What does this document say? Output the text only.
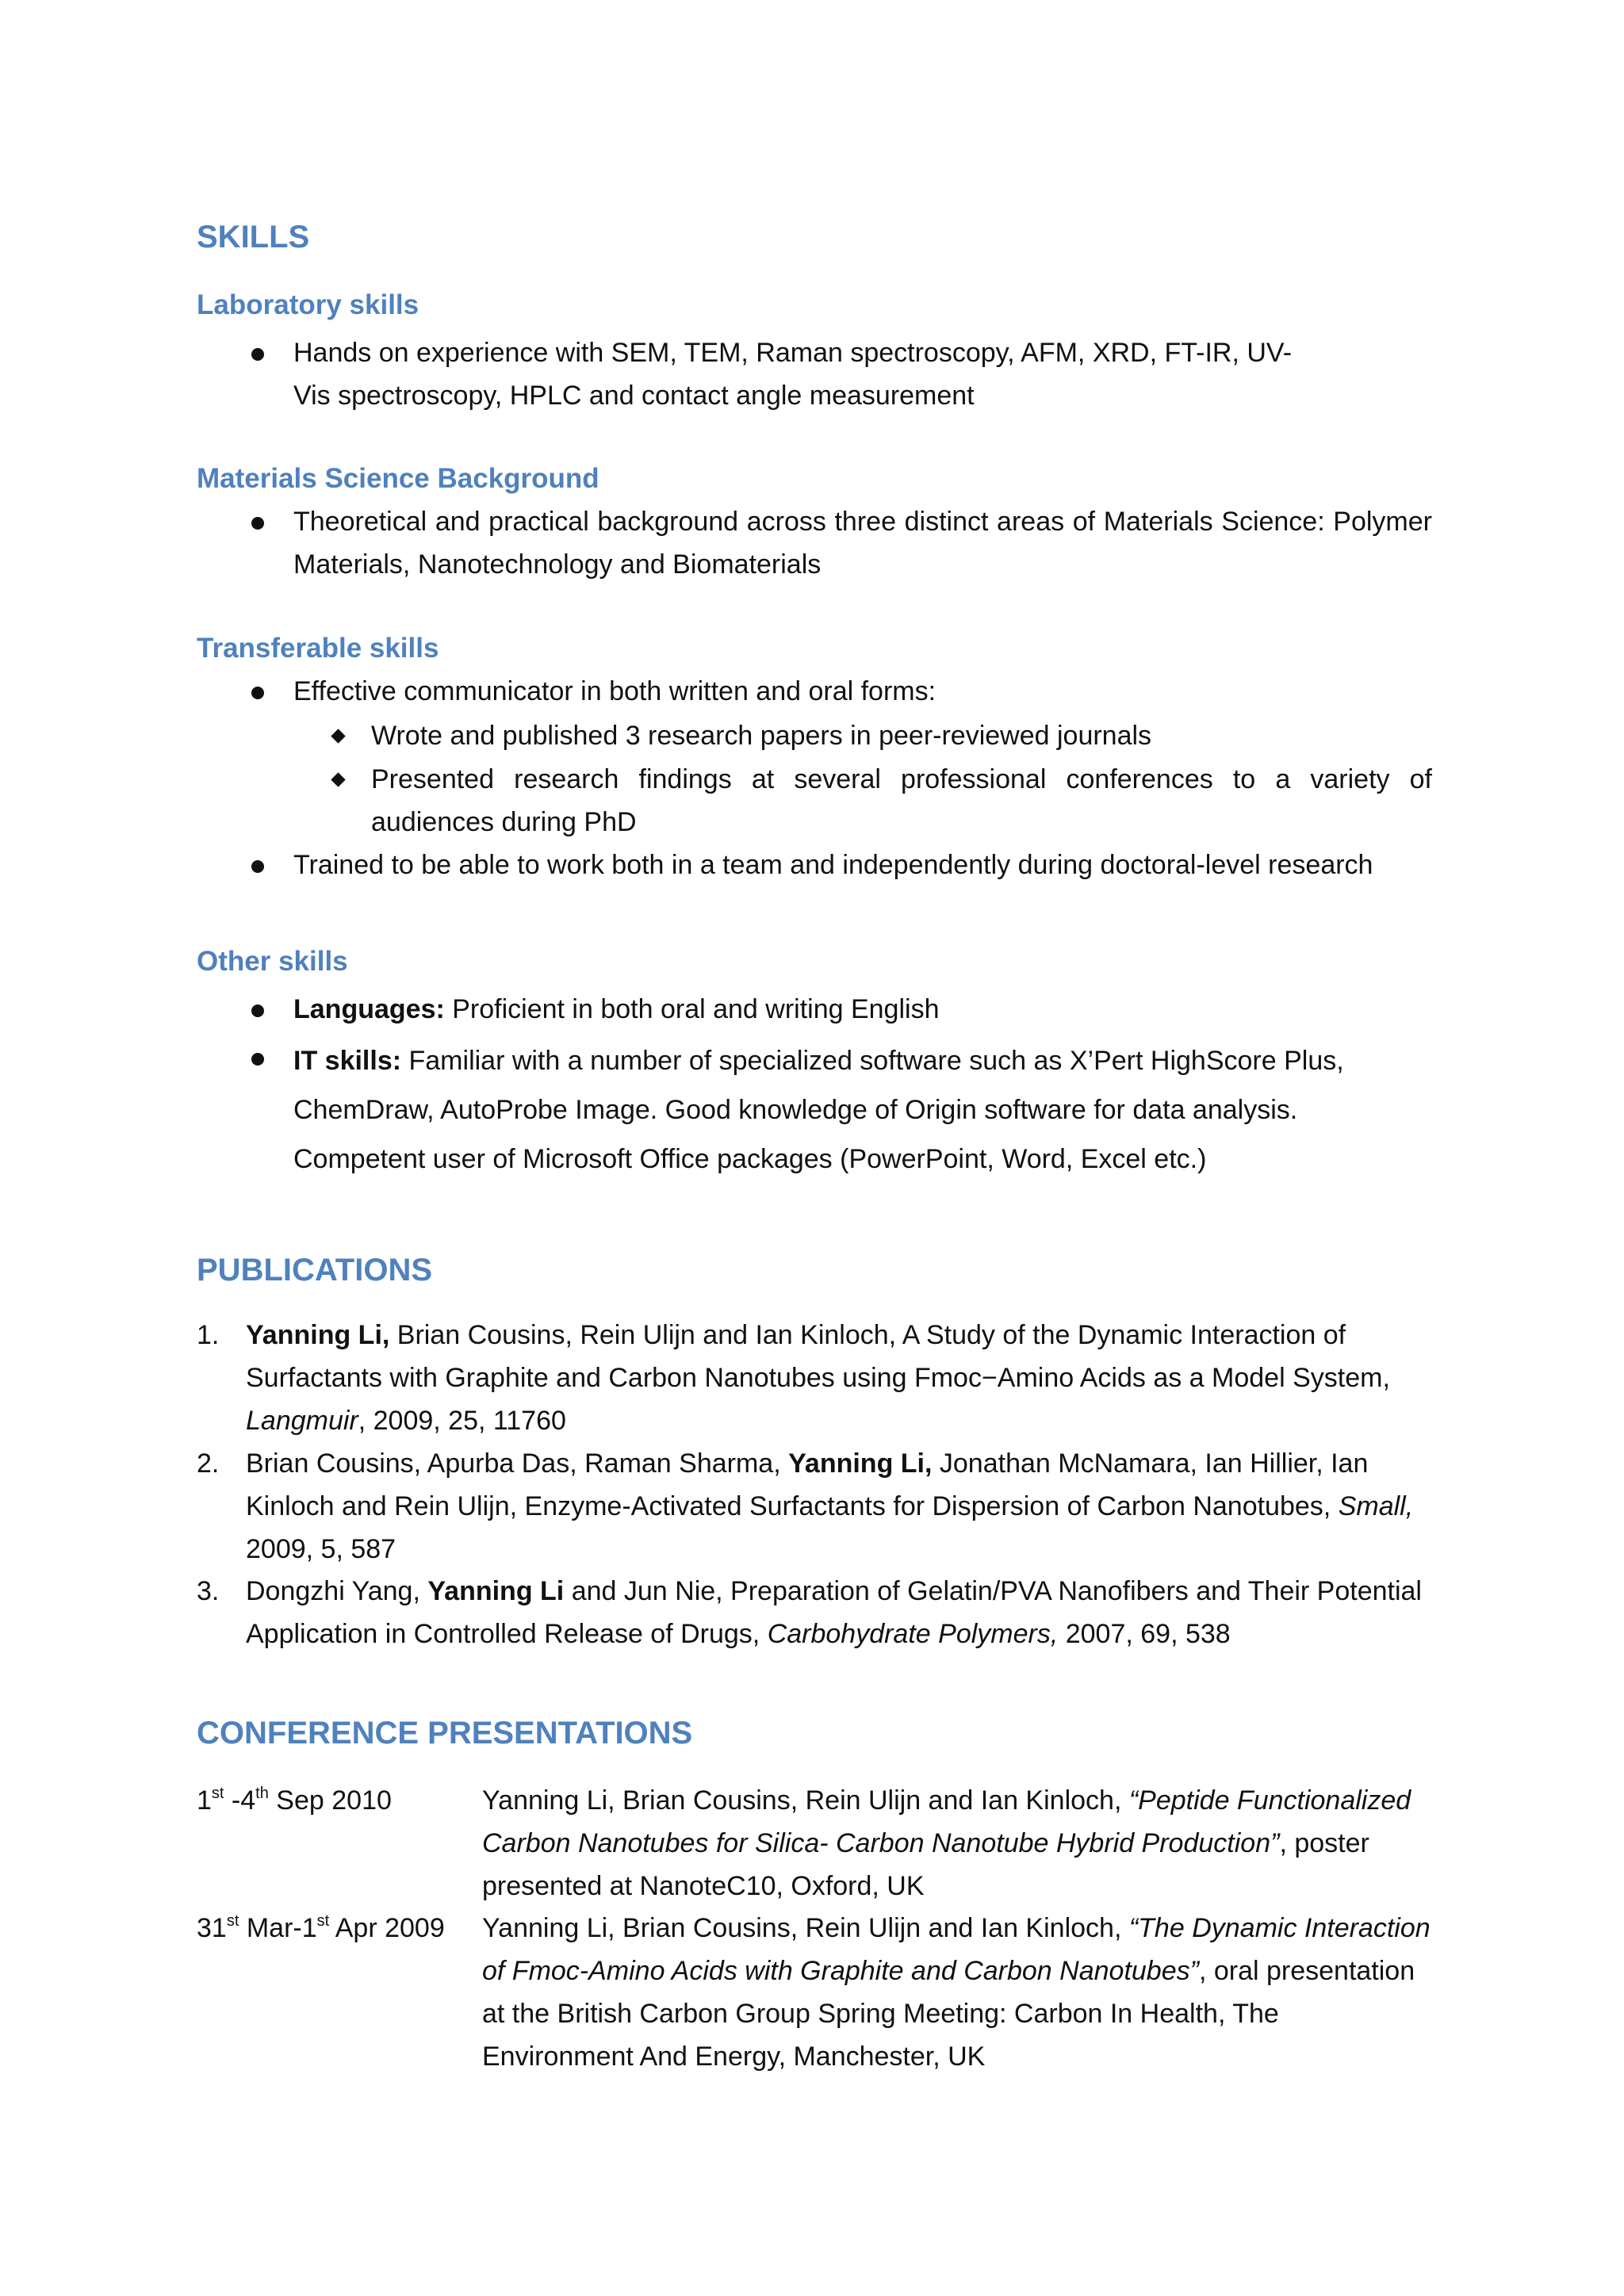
SKILLS
Laboratory skills

Hands on experience with SEM, TEM, Raman spectroscopy, AFM, XRD, FT-IR, UV-Vis spectroscopy, HPLC and contact angle measurement

Materials Science Background

Theoretical and practical background across three distinct areas of Materials Science: Polymer Materials, Nanotechnology and Biomaterials

Transferable skills

Effective communicator in both written and oral forms:

Wrote and published 3 research papers in peer-reviewed journals

Presented research findings at several professional conferences to a variety of audiences during PhD

Trained to be able to work both in a team and independently during doctoral-level research

Other skills

Languages: Proficient in both oral and writing English

IT skills: Familiar with a number of specialized software such as X’Pert HighScore Plus,
ChemDraw, AutoProbe Image. Good knowledge of Origin software for data analysis.
Competent user of Microsoft Office packages (PowerPoint, Word, Excel etc.)

PUBLICATIONS
1. Yanning Li, Brian Cousins, Rein Ulijn and Ian Kinloch, A Study of the Dynamic Interaction of Surfactants with Graphite and Carbon Nanotubes using Fmoc−Amino Acids as a Model System,
Langmuir, 2009, 25, 11760

2. Brian Cousins, Apurba Das, Raman Sharma, Yanning Li, Jonathan McNamara, Ian Hillier, Ian Kinloch and Rein Ulijn, Enzyme-Activated Surfactants for Dispersion of Carbon Nanotubes, Small, 2009, 5, 587

3. Dongzhi Yang, Yanning Li and Jun Nie, Preparation of Gelatin/PVA Nanofibers and Their Potential Application in Controlled Release of Drugs, Carbohydrate Polymers, 2007, 69, 538

CONFERENCE PRESENTATIONS

1st -4th Sep 2010	Yanning Li, Brian Cousins, Rein Ulijn and Ian Kinloch, “Peptide Functionalized Carbon Nanotubes for Silica- Carbon Nanotube Hybrid Production”, poster presented at NanoteC10, Oxford, UK

31st Mar-1st Apr 2009 Yanning Li, Brian Cousins, Rein Ulijn and Ian Kinloch, “The Dynamic Interaction of Fmoc-Amino Acids with Graphite and Carbon Nanotubes”, oral presentation at the British Carbon Group Spring Meeting: Carbon In Health, The Environment And Energy, Manchester, UK
